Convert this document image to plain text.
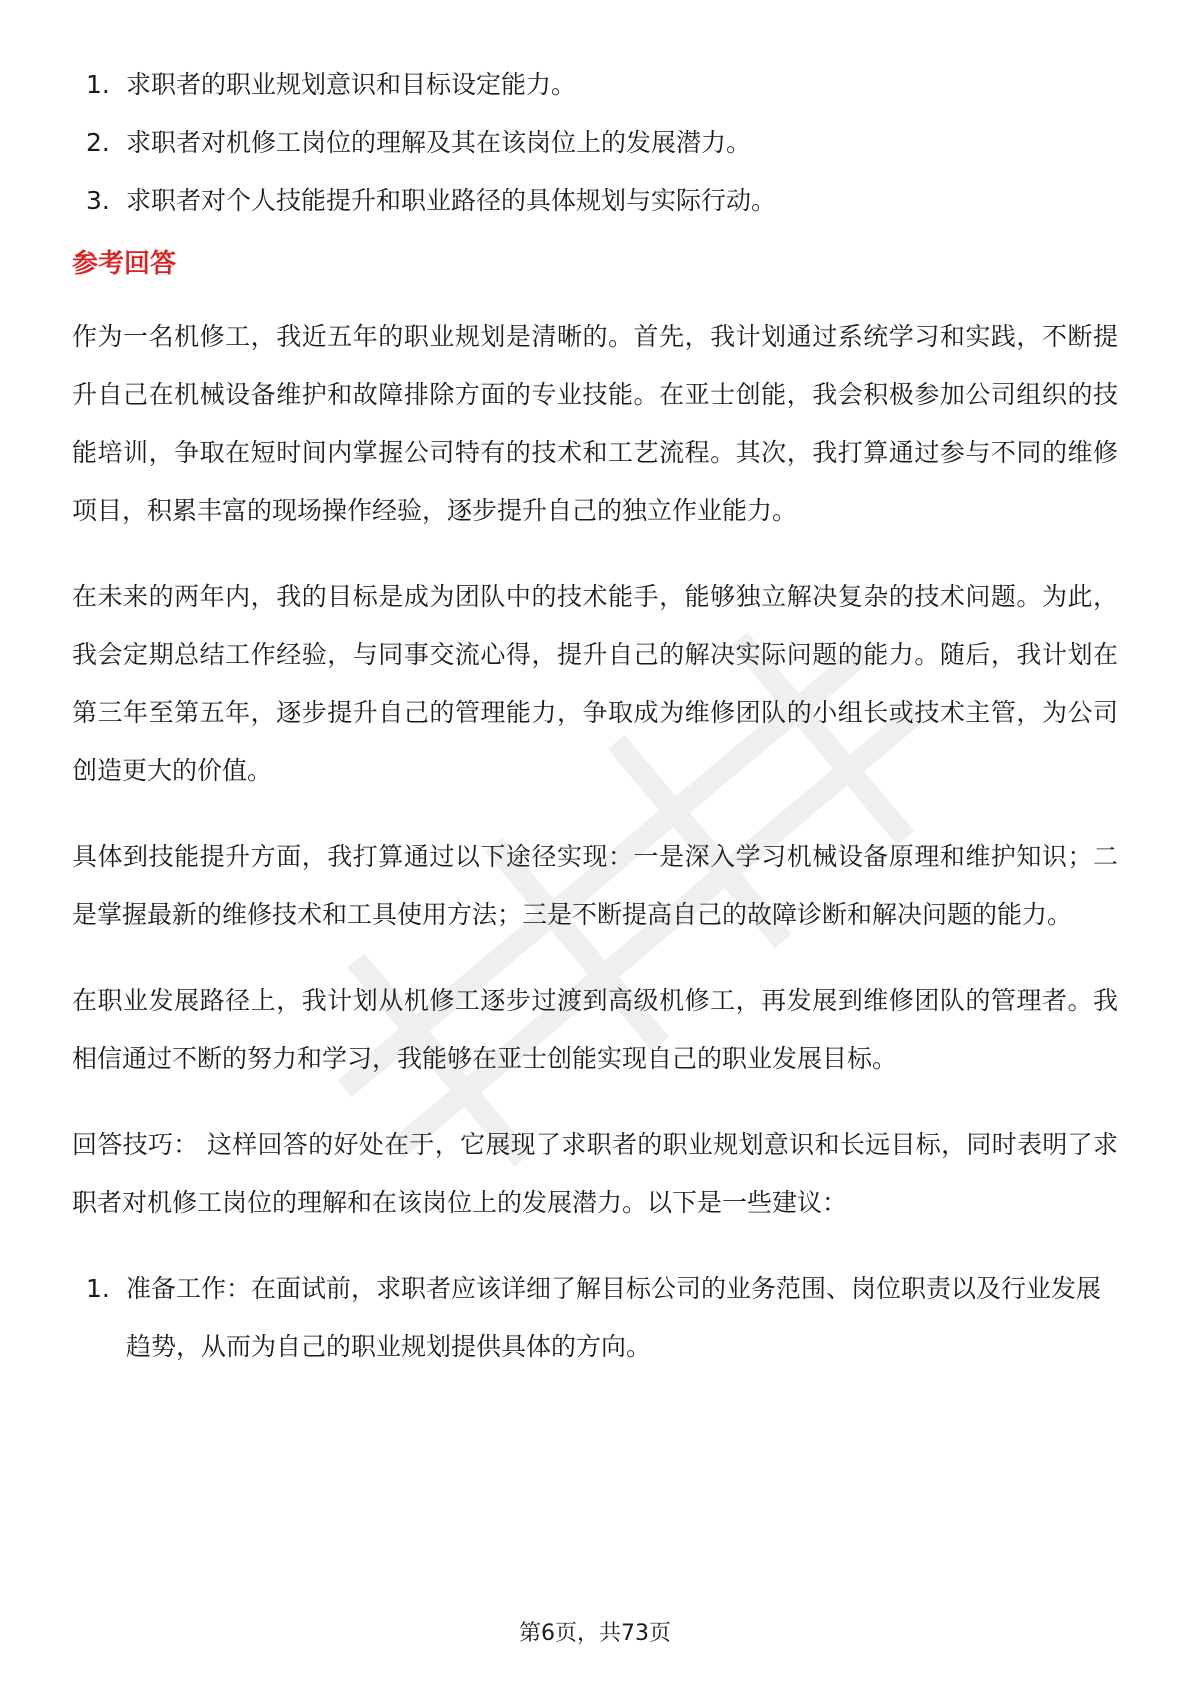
1. 求职者的职业规划意识和目标设定能力。
2. 求职者对机修工岗位的理解及其在该岗位上的发展潜力。
3. 求职者对个人技能提升和职业路径的具体规划与实际行动。
参考回答

作为一名机修工，我近五年的职业规划是清晰的。首先，我计划通过系统学习和实践，不断提升自己在机械设备维护和故障排除方面的专业技能。在亚士创能，我会积极参加公司组织的技能培训，争取在短时间内掌握公司特有的技术和工艺流程。其次，我打算通过参与不同的维修项目，积累丰富的现场操作经验，逐步提升自己的独立作业能力。

在未来的两年内，我的目标是成为团队中的技术能手，能够独立解决复杂的技术问题。为此，我会定期总结工作经验，与同事交流心得，提升自己的解决实际问题的能力。随后，我计划在第三年至第五年，逐步提升自己的管理能力，争取成为维修团队的小组长或技术主管，为公司创造更大的价值。

具体到技能提升方面，我打算通过以下途径实现：一是深入学习机械设备原理和维护知识；二是掌握最新的维修技术和工具使用方法；三是不断提高自己的故障诊断和解决问题的能力。

在职业发展路径上，我计划从机修工逐步过渡到高级机修工，再发展到维修团队的管理者。我相信通过不断的努力和学习，我能够在亚士创能实现自己的职业发展目标。

回答技巧： 这样回答的好处在于，它展现了求职者的职业规划意识和长远目标，同时表明了求职者对机修工岗位的理解和在该岗位上的发展潜力。以下是一些建议：

1. 准备工作：在面试前，求职者应该详细了解目标公司的业务范围、岗位职责以及行业发展趋势，从而为自己的职业规划提供具体的方向。
第6页，共73页
